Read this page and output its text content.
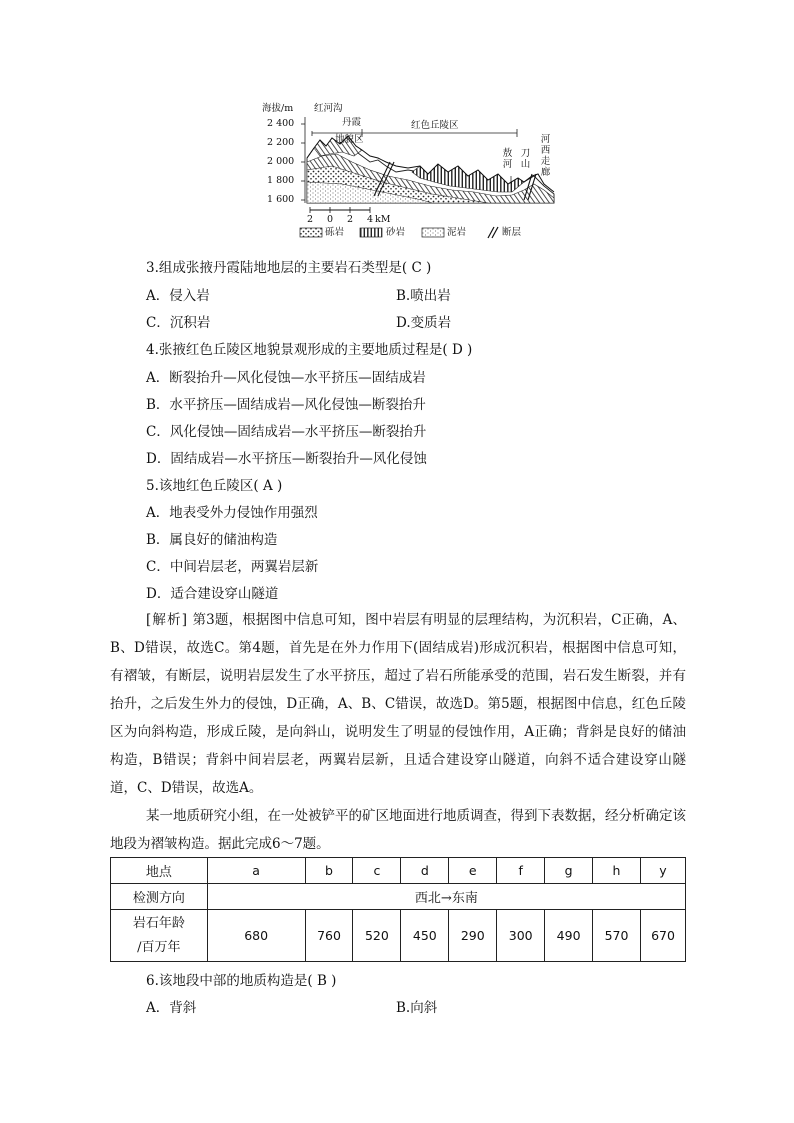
海拔/m
2 400
2 200
2 000
1 800
1 600
红河沟
丹霞
地貌区
红色丘陵区
敖河
刀山
河西走廊
2 0 2 4 kM
砾岩	砂岩	泥岩	断层
3.组成张掖丹霞陆地地层的主要岩石类型是( C )
A．侵入岩	B.喷出岩
C．沉积岩	D.变质岩
4.张掖红色丘陵区地貌景观形成的主要地质过程是( D )
A．断裂抬升—风化侵蚀—水平挤压—固结成岩
B．水平挤压—固结成岩—风化侵蚀—断裂抬升
C．风化侵蚀—固结成岩—水平挤压—断裂抬升
D．固结成岩—水平挤压—断裂抬升—风化侵蚀
5.该地红色丘陵区( A )
A．地表受外力侵蚀作用强烈
B．属良好的储油构造
C．中间岩层老，两翼岩层新
D．适合建设穿山隧道

[解析] 第3题，根据图中信息可知，图中岩层有明显的层理结构，为沉积岩，C正确，A、B、D错误，故选C。第4题，首先是在外力作用下(固结成岩)形成沉积岩，根据图中信息可知，有褶皱，有断层，说明岩层发生了水平挤压，超过了岩石所能承受的范围，岩石发生断裂，并有抬升，之后发生外力的侵蚀，D正确，A、B、C错误，故选D。第5题，根据图中信息，红色丘陵区为向斜构造，形成丘陵，是向斜山，说明发生了明显的侵蚀作用，A正确；背斜是良好的储油构造，B错误；背斜中间岩层老，两翼岩层新，且适合建设穿山隧道，向斜不适合建设穿山隧道，C、D错误，故选A。

某一地质研究小组，在一处被铲平的矿区地面进行地质调查，得到下表数据，经分析确定该地段为褶皱构造。据此完成6～7题。

地点	a	b	c	d	e	f	g	h	y
检测方向	西北→东南								

岩石年龄
/百万年	680	760	520	450	290	300	490	570	670
6.该地段中部的地质构造是( B )
A．背斜	B.向斜
